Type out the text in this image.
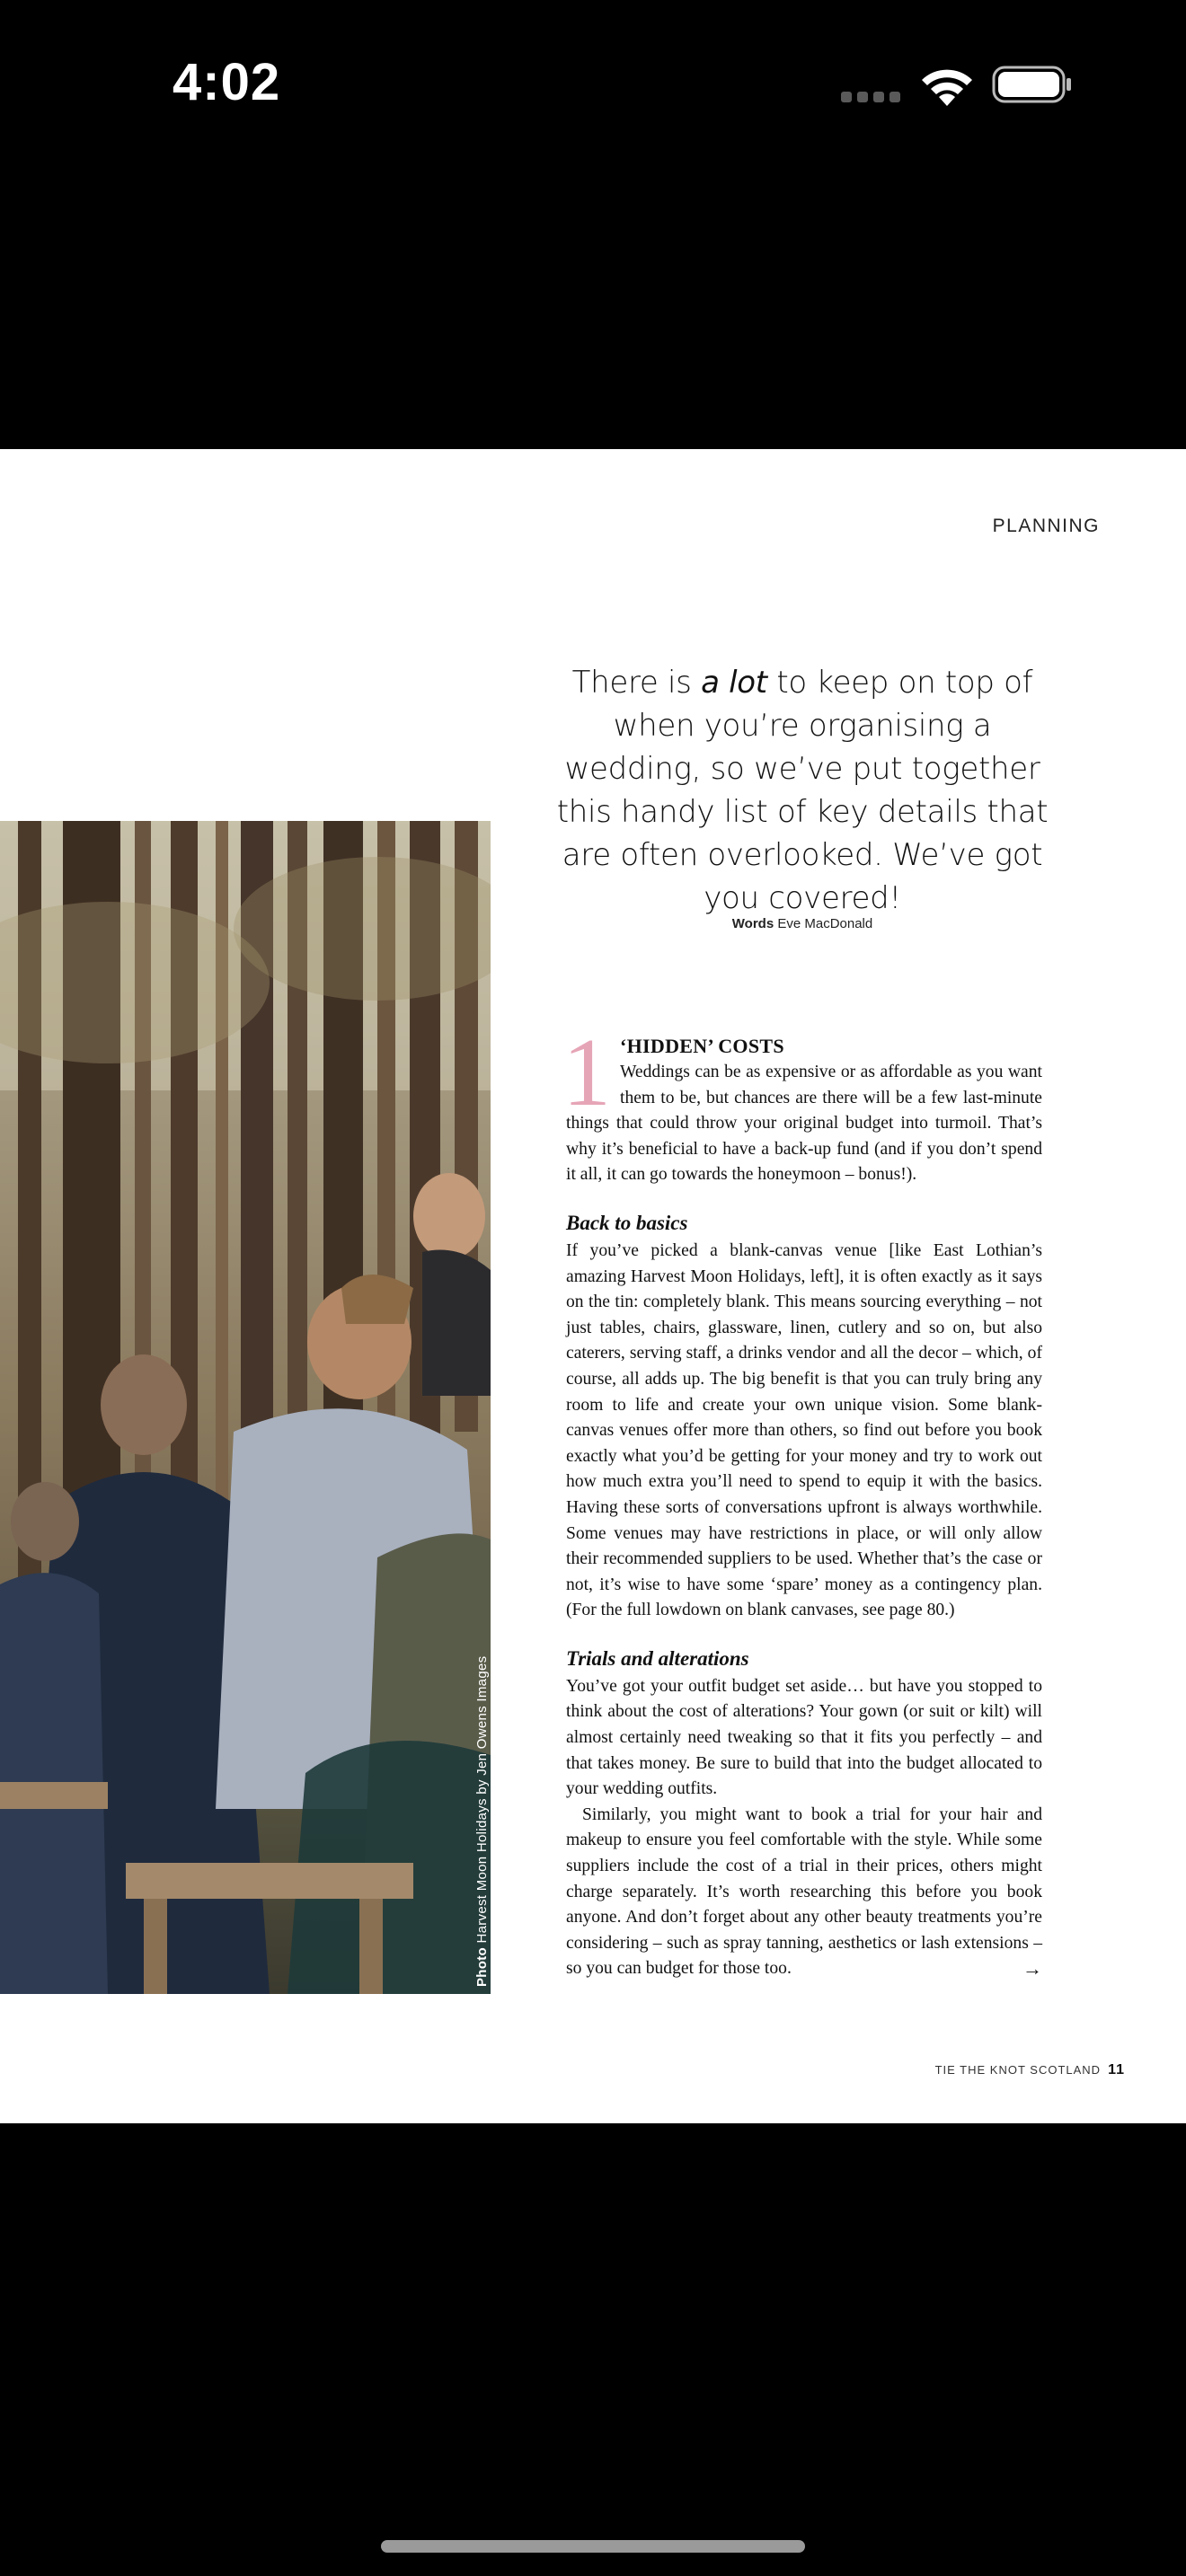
4:02
PLANNING
There is a lot to keep on top of when you’re organising a wedding, so we’ve put together this handy list of key details that are often overlooked. We’ve got you covered!
Words Eve MacDonald
Photo Harvest Moon Holidays by Jen Owens Images

1 ‘HIDDEN’ COSTS
Weddings can be as expensive or as affordable as you want them to be, but chances are there will be a few last-minute things that could throw your original budget into turmoil. That’s why it’s beneficial to have a back-up fund (and if you don’t spend it all, it can go towards the honeymoon – bonus!).

Back to basics

If you’ve picked a blank-canvas venue [like East Lothian’s amazing Harvest Moon Holidays, left], it is often exactly as it says on the tin: completely blank. This means sourcing everything – not just tables, chairs, glassware, linen, cutlery and so on, but also caterers, serving staff, a drinks vendor and all the decor – which, of course, all adds up. The big benefit is that you can truly bring any room to life and create your own unique vision. Some blank-canvas venues offer more than others, so find out before you book exactly what you’d be getting for your money and try to work out how much extra you’ll need to spend to equip it with the basics. Having these sorts of conversations upfront is always worthwhile. Some venues may have restrictions in place, or will only allow their recommended suppliers to be used. Whether that’s the case or not, it’s wise to have some ‘spare’ money as a contingency plan. (For the full lowdown on blank canvases, see page 80.)

Trials and alterations

You’ve got your outfit budget set aside… but have you stopped to think about the cost of alterations? Your gown (or suit or kilt) will almost certainly need tweaking so that it fits you perfectly – and that takes money. Be sure to build that into the budget allocated to your wedding outfits.

Similarly, you might want to book a trial for your hair and makeup to ensure you feel comfortable with the style. While some suppliers include the cost of a trial in their prices, others might charge separately. It’s worth researching this before you book anyone. And don’t forget about any other beauty treatments you’re considering – such as spray tanning, aesthetics or lash extensions – so you can budget for those too.	→

TIE THE KNOT SCOTLAND 11
